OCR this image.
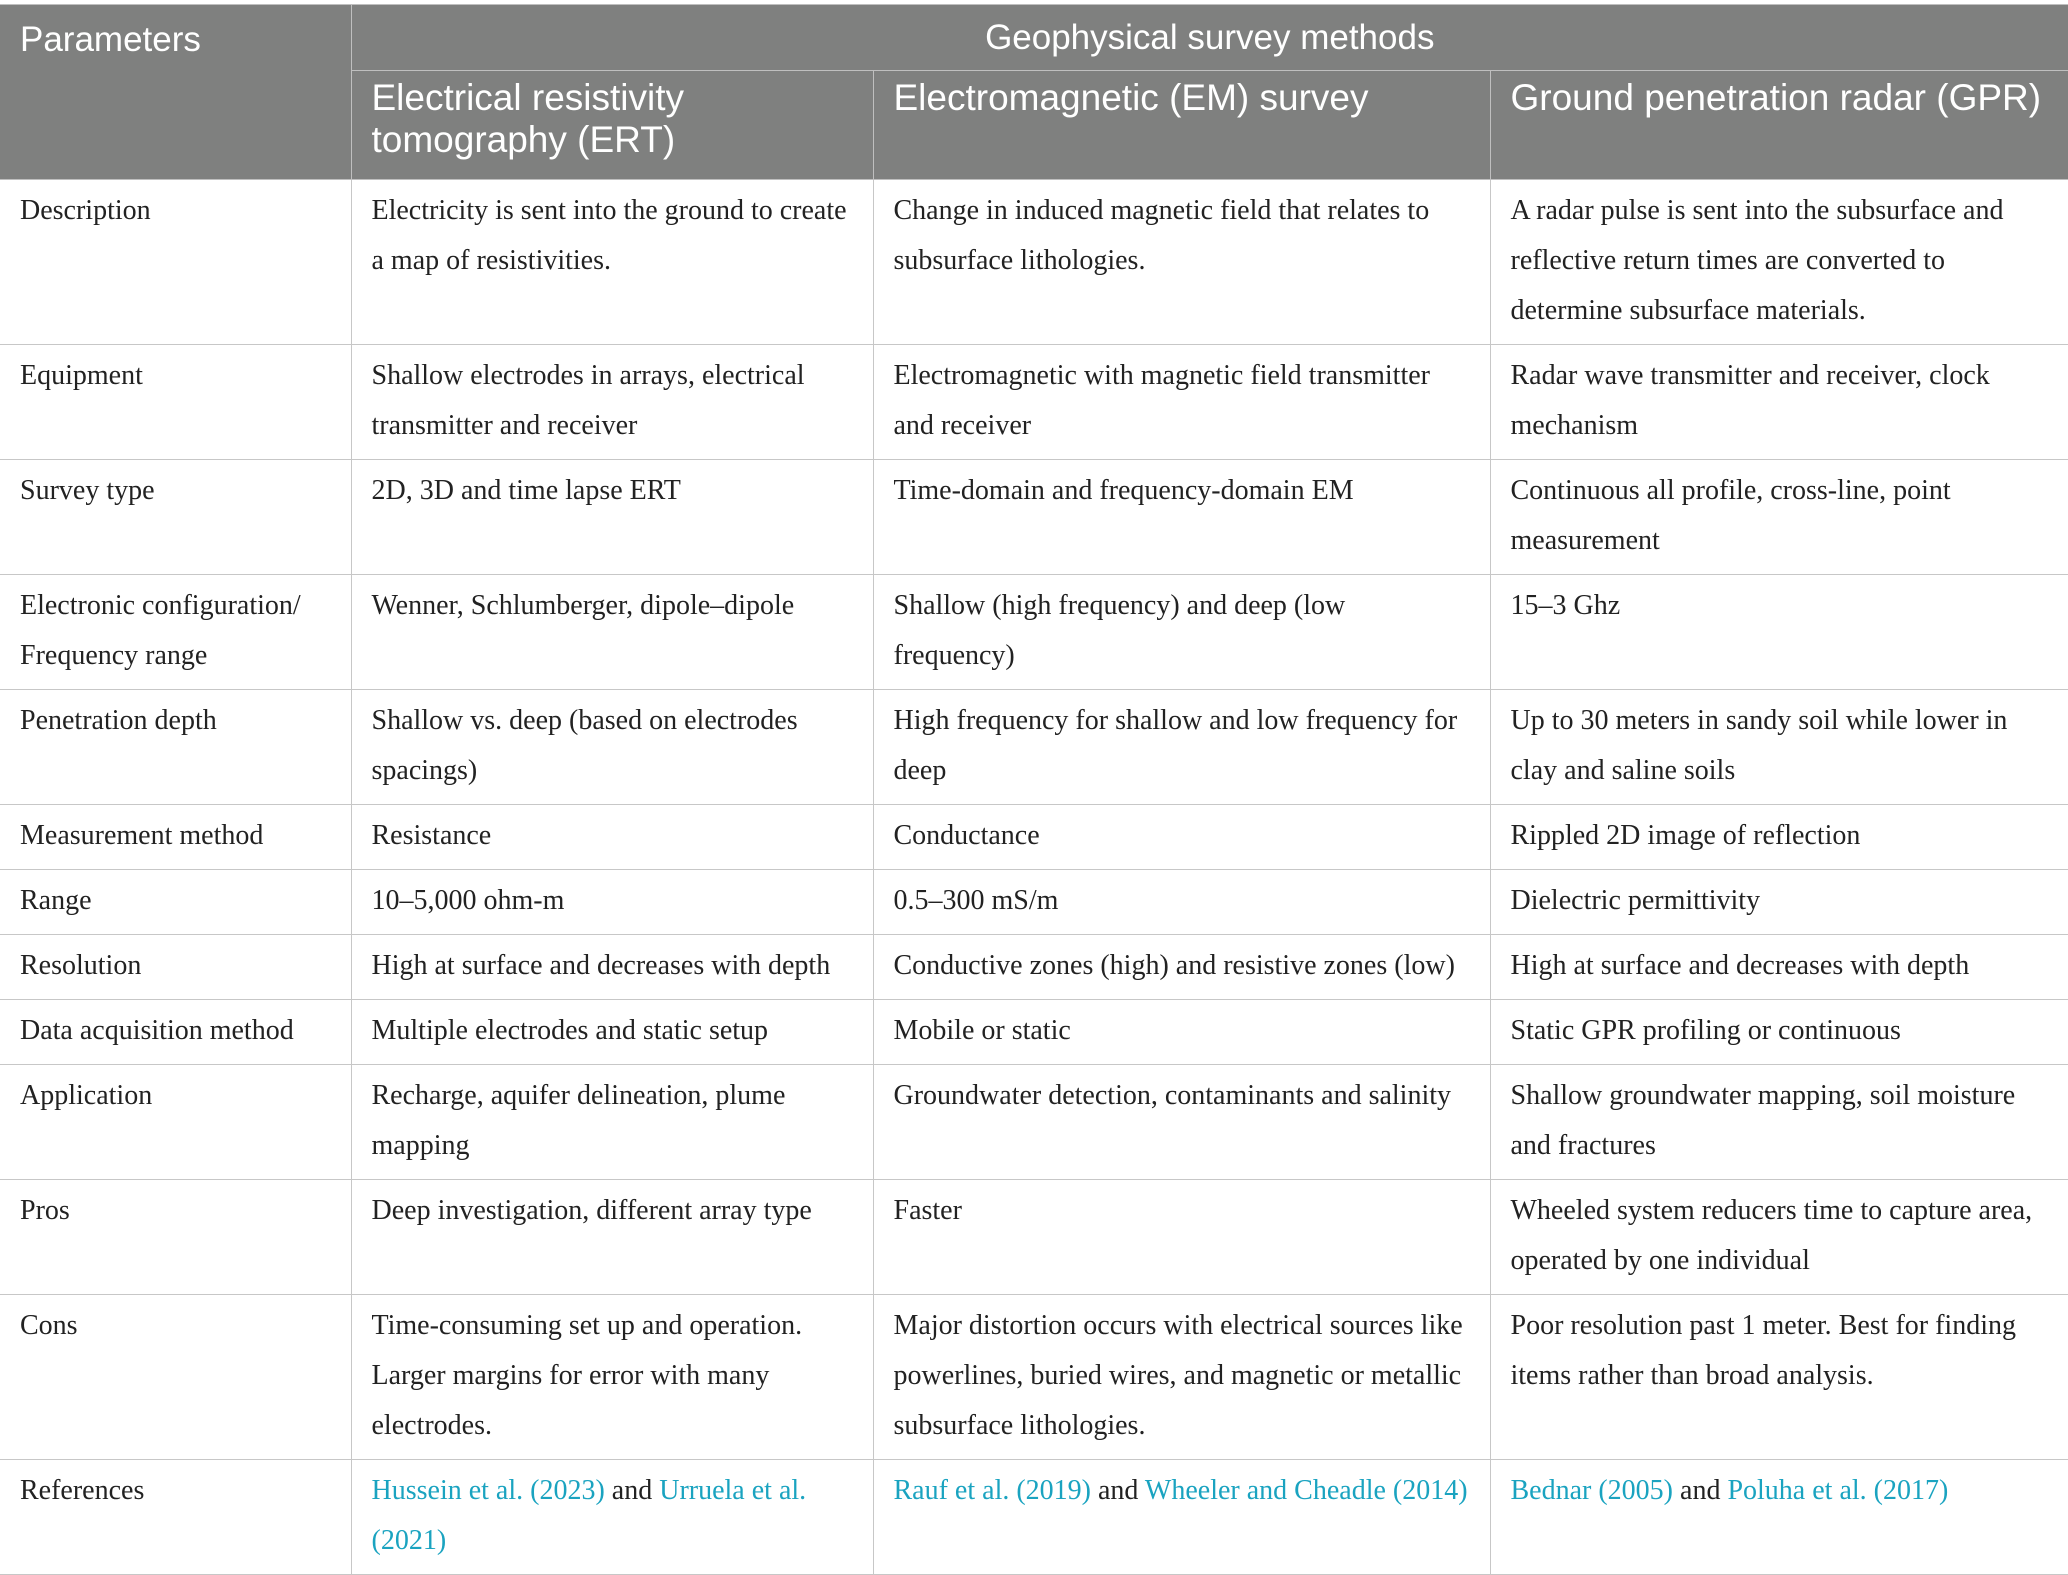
Parameters	Geophysical survey methods		
	Electrical resistivity tomography (ERT)	Electromagnetic (EM) survey	Ground penetration radar (GPR)
Description	Electricity is sent into the ground to create a map of resistivities.	Change in induced magnetic field that relates to subsurface lithologies.	A radar pulse is sent into the subsurface and reflective return times are converted to determine subsurface materials.
Equipment	Shallow electrodes in arrays, electrical transmitter and receiver	Electromagnetic with magnetic field transmitter and receiver	Radar wave transmitter and receiver, clock mechanism
Survey type	2D, 3D and time lapse ERT	Time-domain and frequency-domain EM	Continuous all profile, cross-line, point measurement
Electronic configuration/ Frequency range	Wenner, Schlumberger, dipole–dipole	Shallow (high frequency) and deep (low frequency)	15–3 Ghz
Penetration depth	Shallow vs. deep (based on electrodes spacings)	High frequency for shallow and low frequency for deep	Up to 30 meters in sandy soil while lower in clay and saline soils
Measurement method	Resistance	Conductance	Rippled 2D image of reflection
Range	10–5,000 ohm-m	0.5–300 mS/m	Dielectric permittivity
Resolution	High at surface and decreases with depth	Conductive zones (high) and resistive zones (low)	High at surface and decreases with depth
Data acquisition method	Multiple electrodes and static setup	Mobile or static	Static GPR profiling or continuous
Application	Recharge, aquifer delineation, plume mapping	Groundwater detection, contaminants and salinity	Shallow groundwater mapping, soil moisture and fractures
Pros	Deep investigation, different array type	Faster	Wheeled system reducers time to capture area, operated by one individual
Cons	Time-consuming set up and operation. Larger margins for error with many electrodes.	Major distortion occurs with electrical sources like powerlines, buried wires, and magnetic or metallic subsurface lithologies.	Poor resolution past 1 meter. Best for finding items rather than broad analysis.
References	Hussein et al. (2023) and Urruela et al. (2021)	Rauf et al. (2019) and Wheeler and Cheadle (2014)	Bednar (2005) and Poluha et al. (2017)
